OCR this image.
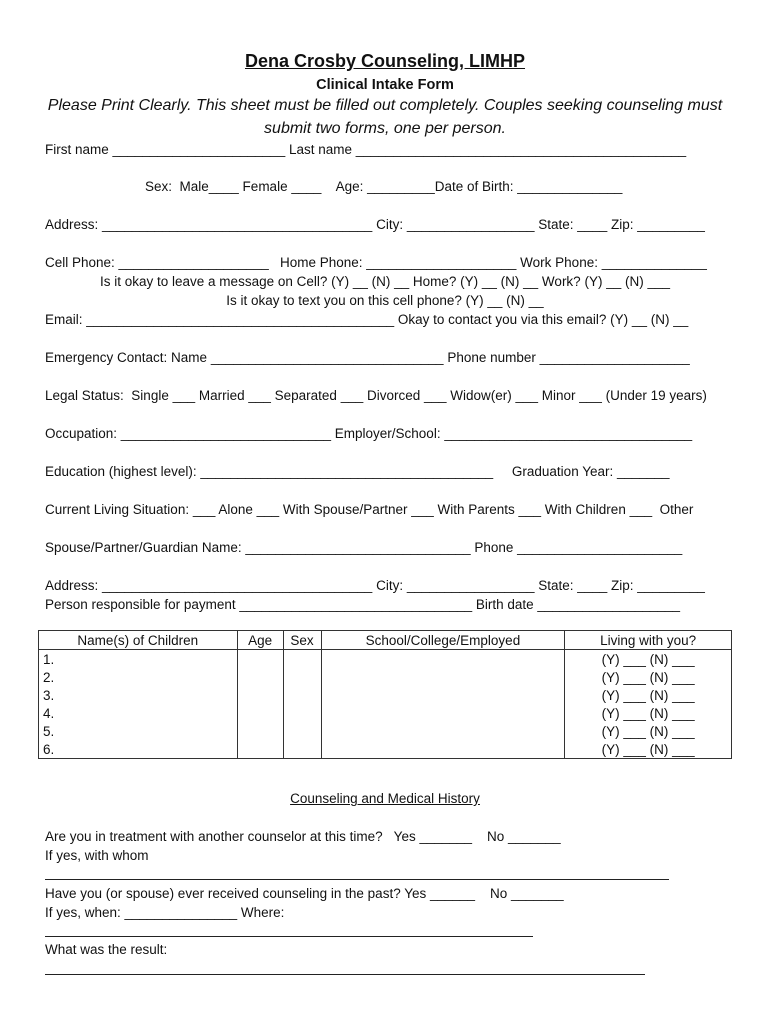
Dena Crosby Counseling, LIMHP
Clinical Intake Form
Please Print Clearly. This sheet must be filled out completely. Couples seeking counseling must
submit two forms, one per person.
First name _______________________ Last name ____________________________________________
Sex:  Male____ Female ____    Age: _________Date of Birth: ______________
Address: ____________________________________ City: _________________ State: ____ Zip: _________
Cell Phone: ____________________   Home Phone: ____________________ Work Phone: ______________
Is it okay to leave a message on Cell? (Y) __ (N) __ Home? (Y) __ (N) __ Work? (Y) __ (N) ___
Is it okay to text you on this cell phone? (Y) __ (N) __
Email: _________________________________________ Okay to contact you via this email? (Y) __ (N) __
Emergency Contact: Name _______________________________ Phone number ____________________
Legal Status:  Single ___ Married ___ Separated ___ Divorced ___ Widow(er) ___ Minor ___ (Under 19 years)
Occupation: ____________________________ Employer/School: _________________________________
Education (highest level): _______________________________________     Graduation Year: _______
Current Living Situation: ___ Alone ___ With Spouse/Partner ___ With Parents ___ With Children ___  Other
Spouse/Partner/Guardian Name: ______________________________ Phone ______________________
Address: ____________________________________ City: _________________ State: ____ Zip: _________
Person responsible for payment _______________________________ Birth date ___________________
Name(s) of Children	Age	Sex	School/College/Employed	Living with you?
1.				(Y) ___ (N) ___
2.				(Y) ___ (N) ___
3.				(Y) ___ (N) ___
4.				(Y) ___ (N) ___
5.				(Y) ___ (N) ___
6.				(Y) ___ (N) ___
Counseling and Medical History
Are you in treatment with another counselor at this time?   Yes _______    No _______
If yes, with whom
Have you (or spouse) ever received counseling in the past? Yes ______    No _______
If yes, when: _______________ Where:
What was the result:
